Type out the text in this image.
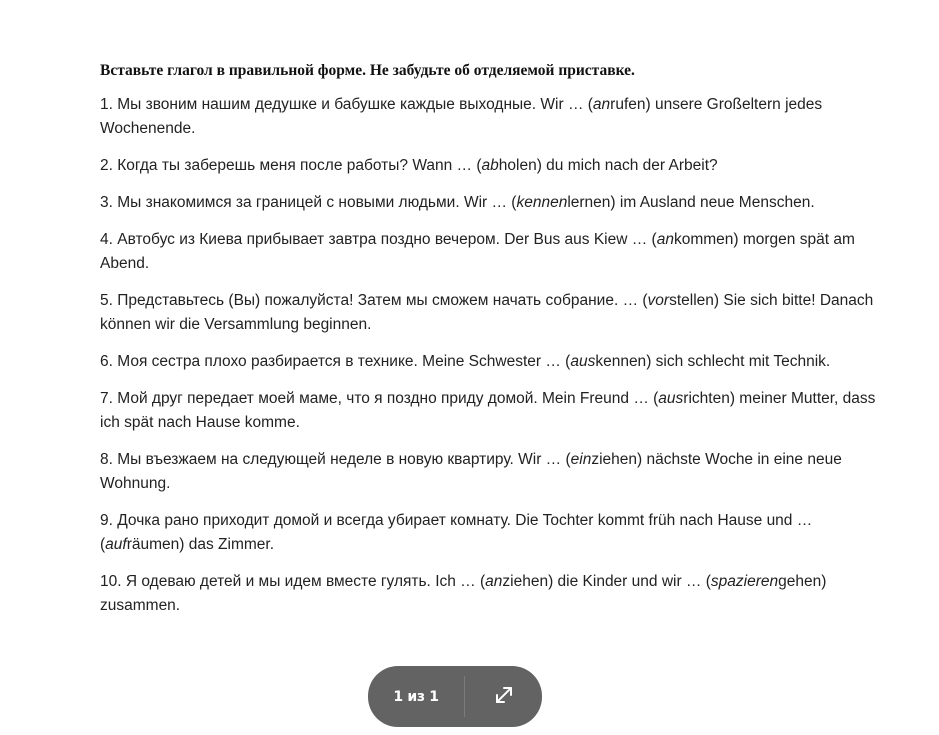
Вставьте глагол в правильной форме. Не забудьте об отделяемой приставке.

1. Мы звоним нашим дедушке и бабушке каждые выходные. Wir … (anrufen) unsere Großeltern jedes Wochenende.

2. Когда ты заберешь меня после работы? Wann … (abholen) du mich nach der Arbeit?

3. Мы знакомимся за границей с новыми людьми. Wir … (kennenlernen) im Ausland neue Menschen.

4. Автобус из Киева прибывает завтра поздно вечером. Der Bus aus Kiew … (ankommen) morgen spät am Abend.

5. Представьтесь (Вы) пожалуйста! Затем мы сможем начать собрание. … (vorstellen) Sie sich bitte! Danach können wir die Versammlung beginnen.

6. Моя сестра плохо разбирается в технике. Meine Schwester … (auskennen) sich schlecht mit Technik.

7. Мой друг передает моей маме, что я поздно приду домой. Mein Freund … (ausrichten) meiner Mutter, dass ich spät nach Hause komme.

8. Мы въезжаем на следующей неделе в новую квартиру. Wir … (einziehen) nächste Woche in eine neue Wohnung.

9. Дочка рано приходит домой и всегда убирает комнату. Die Tochter kommt früh nach Hause und … (aufräumen) das Zimmer.

10. Я одеваю детей и мы идем вместе гулять. Ich … (anziehen) die Kinder und wir … (spazierengehen) zusammen.

1 из 1
